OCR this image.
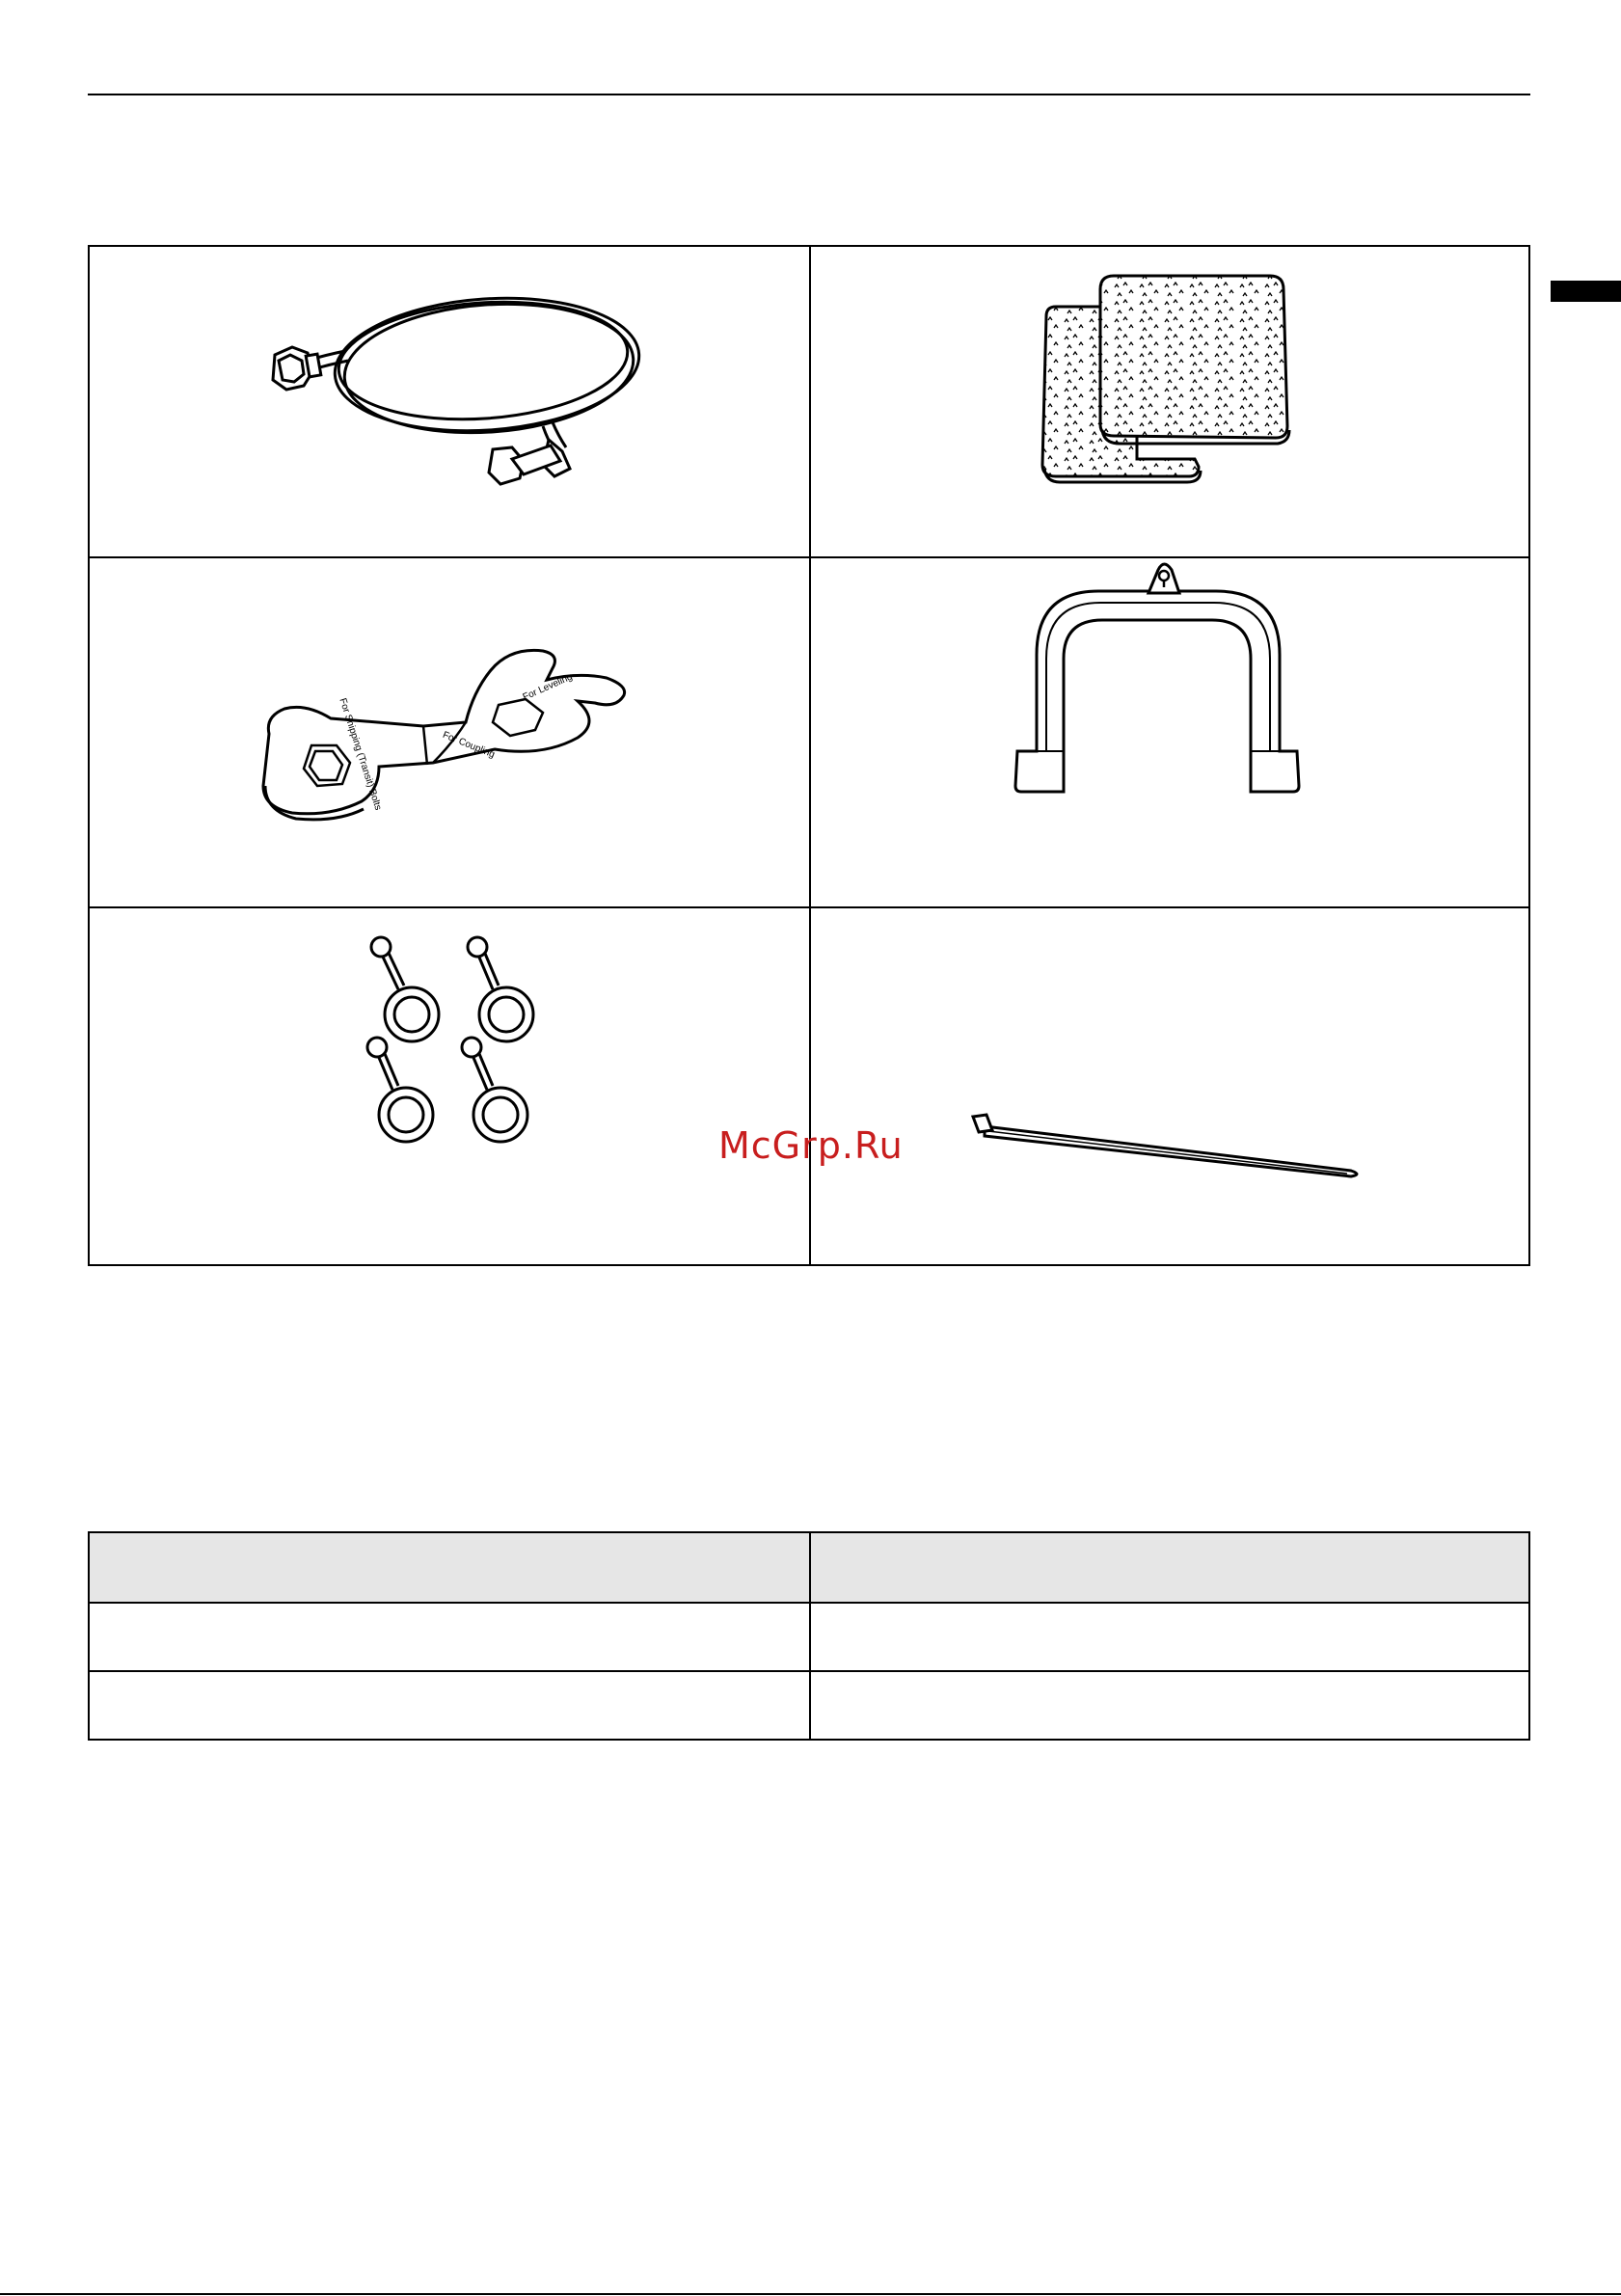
For Shipping (Transit) Bolts	For Coupling
For Leveling
McGrp.Ru
